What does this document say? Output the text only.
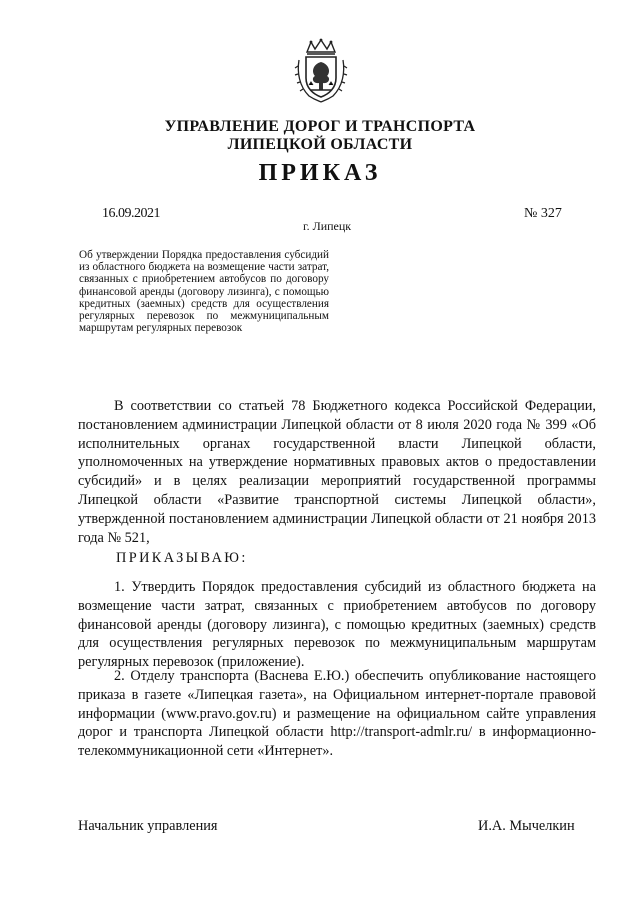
УПРАВЛЕНИЕ ДОРОГ И ТРАНСПОРТА
ЛИПЕЦКОЙ ОБЛАСТИ
ПРИКАЗ
16.09.2021
г. Липецк
№ 327
Об утверждении Порядка предоставления субсидий из областного бюджета на возмещение части затрат, связанных с приобретением автобусов по договору финансовой аренды (договору лизинга), с помощью кредитных (заемных) средств для осуществления регулярных перевозок по межмуниципальным маршрутам регулярных перевозок
В соответствии со статьей 78 Бюджетного кодекса Российской Федерации, постановлением администрации Липецкой области от 8 июля 2020 года № 399 «Об исполнительных органах государственной власти Липецкой области, уполномоченных на утверждение нормативных правовых актов о предоставлении субсидий» и в целях реализации мероприятий государственной программы Липецкой области «Развитие транспортной системы Липецкой области», утвержденной постановлением администрации Липецкой области от 21 ноября 2013 года № 521,
ПРИКАЗЫВАЮ:
1. Утвердить Порядок предоставления субсидий из областного бюджета на возмещение части затрат, связанных с приобретением автобусов по договору финансовой аренды (договору лизинга), с помощью кредитных (заемных) средств для осуществления регулярных перевозок по межмуниципальным маршрутам регулярных перевозок (приложение).
2. Отделу транспорта (Васнева Е.Ю.) обеспечить опубликование настоящего приказа в газете «Липецкая газета», на Официальном интернет-портале правовой информации (www.pravo.gov.ru) и размещение на официальном сайте управления дорог и транспорта Липецкой области http://transport-admlr.ru/ в информационно-телекоммуникационной сети «Интернет».
Начальник управления	И.А. Мычелкин
